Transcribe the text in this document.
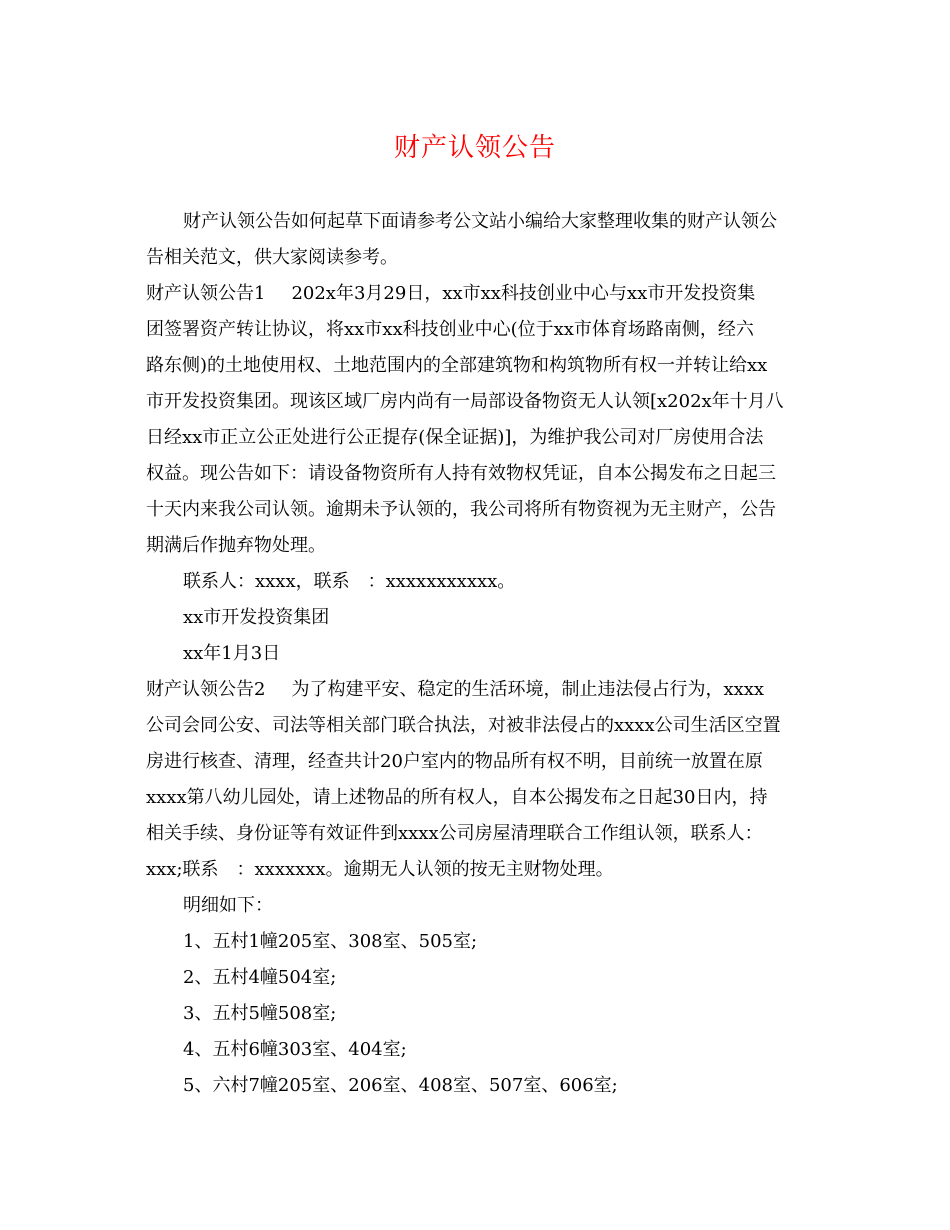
财产认领公告
财产认领公告如何起草下面请参考公文站小编给大家整理收集的财产认领公
告相关范文，供大家阅读参考。
财产认领公告1 202x年3月29日，xx市xx科技创业中心与xx市开发投资集
团签署资产转让协议，将xx市xx科技创业中心(位于xx市体育场路南侧，经六
路东侧)的土地使用权、土地范围内的全部建筑物和构筑物所有权一并转让给xx
市开发投资集团。现该区域厂房内尚有一局部设备物资无人认领[x202x年十月八
日经xx市正立公正处进行公正提存(保全证据)]，为维护我公司对厂房使用合法
权益。现公告如下：请设备物资所有人持有效物权凭证，自本公揭发布之日起三
十天内来我公司认领。逾期未予认领的，我公司将所有物资视为无主财产，公告
期满后作抛弃物处理。
联系人：xxxx，联系　：xxxxxxxxxxx。
xx市开发投资集团
xx年1月3日
财产认领公告2 为了构建平安、稳定的生活环境，制止违法侵占行为，xxxx
公司会同公安、司法等相关部门联合执法，对被非法侵占的xxxx公司生活区空置
房进行核查、清理，经查共计20户室内的物品所有权不明，目前统一放置在原
xxxx第八幼儿园处，请上述物品的所有权人，自本公揭发布之日起30日内，持
相关手续、身份证等有效证件到xxxx公司房屋清理联合工作组认领，联系人：
xxx;联系　：xxxxxxx。逾期无人认领的按无主财物处理。
明细如下：
1、五村1幢205室、308室、505室;
2、五村4幢504室;
3、五村5幢508室;
4、五村6幢303室、404室;
5、六村7幢205室、206室、408室、507室、606室;
